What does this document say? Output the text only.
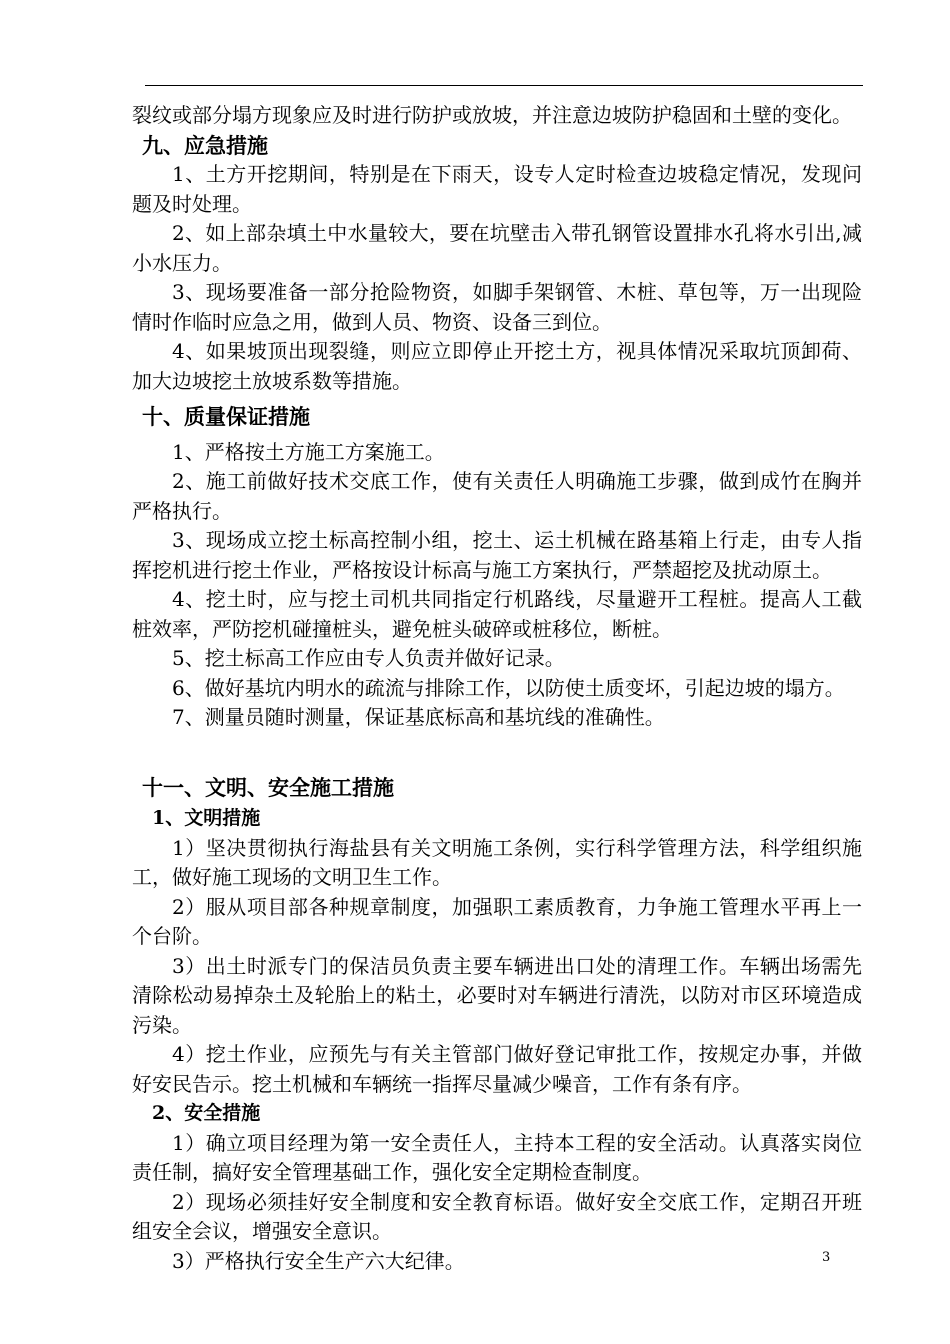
裂纹或部分塌方现象应及时进行防护或放坡，并注意边坡防护稳固和土壁的变化。

九、应急措施

1、土方开挖期间，特别是在下雨天，设专人定时检查边坡稳定情况，发现问题及时处理。

2、如上部杂填土中水量较大，要在坑壁击入带孔钢管设置排水孔将水引出,减小水压力。

3、现场要准备一部分抢险物资，如脚手架钢管、木桩、草包等，万一出现险情时作临时应急之用，做到人员、物资、设备三到位。

4、如果坡顶出现裂缝，则应立即停止开挖土方，视具体情况采取坑顶卸荷、加大边坡挖土放坡系数等措施。

十、质量保证措施

1、严格按土方施工方案施工。

2、施工前做好技术交底工作，使有关责任人明确施工步骤，做到成竹在胸并严格执行。

3、现场成立挖土标高控制小组，挖土、运土机械在路基箱上行走，由专人指挥挖机进行挖土作业，严格按设计标高与施工方案执行，严禁超挖及扰动原土。

4、挖土时，应与挖土司机共同指定行机路线，尽量避开工程桩。提高人工截桩效率，严防挖机碰撞桩头，避免桩头破碎或桩移位，断桩。

5、挖土标高工作应由专人负责并做好记录。

6、做好基坑内明水的疏流与排除工作，以防使土质变坏，引起边坡的塌方。

7、测量员随时测量，保证基底标高和基坑线的准确性。

十一、文明、安全施工措施

1、文明措施

1）坚决贯彻执行海盐县有关文明施工条例，实行科学管理方法，科学组织施工，做好施工现场的文明卫生工作。

2）服从项目部各种规章制度，加强职工素质教育，力争施工管理水平再上一个台阶。

3）出土时派专门的保洁员负责主要车辆进出口处的清理工作。车辆出场需先清除松动易掉杂土及轮胎上的粘土，必要时对车辆进行清洗，以防对市区环境造成污染。

4）挖土作业，应预先与有关主管部门做好登记审批工作，按规定办事，并做好安民告示。挖土机械和车辆统一指挥尽量减少噪音，工作有条有序。

2、安全措施

1）确立项目经理为第一安全责任人，主持本工程的安全活动。认真落实岗位责任制，搞好安全管理基础工作，强化安全定期检查制度。

2）现场必须挂好安全制度和安全教育标语。做好安全交底工作，定期召开班组安全会议，增强安全意识。

3）严格执行安全生产六大纪律。	3
